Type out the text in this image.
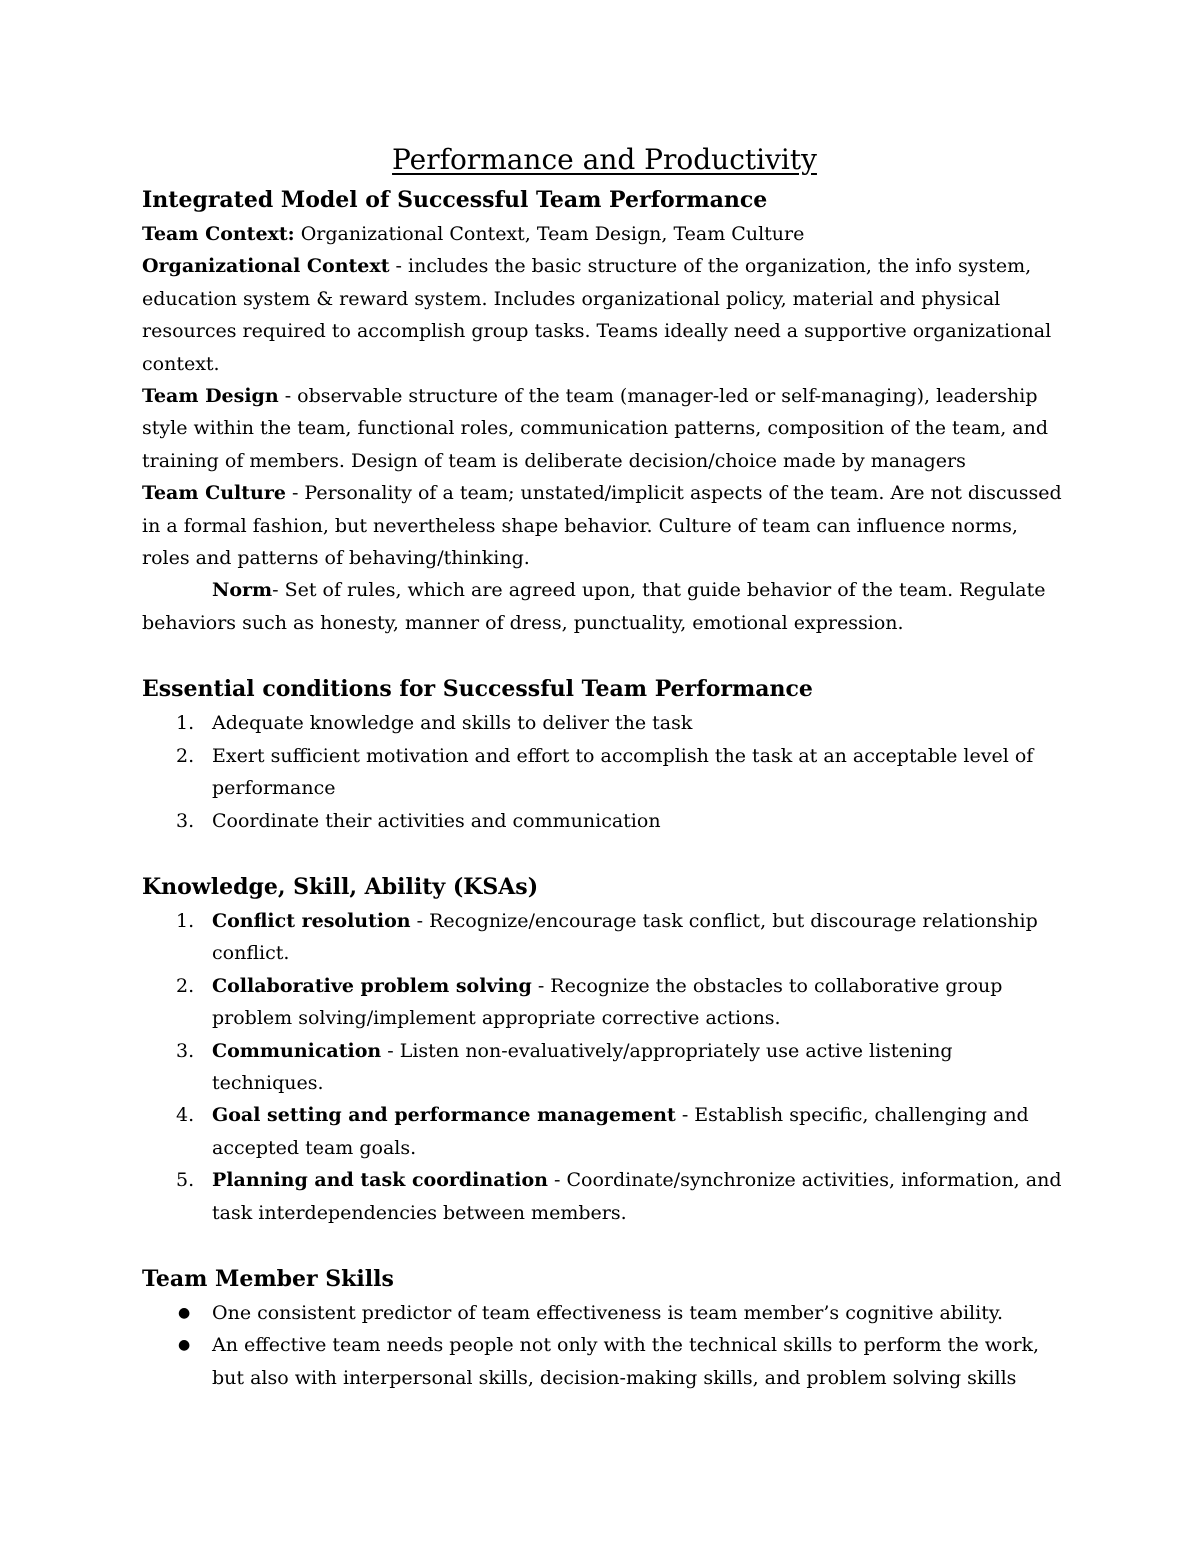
Performance and Productivity
Integrated Model of Successful Team Performance

Team Context: Organizational Context, Team Design, Team Culture

Organizational Context - includes the basic structure of the organization, the info system, education system & reward system. Includes organizational policy, material and physical resources required to accomplish group tasks. Teams ideally need a supportive organizational context.

Team Design - observable structure of the team (manager-led or self-managing), leadership style within the team, functional roles, communication patterns, composition of the team, and training of members. Design of team is deliberate decision/choice made by managers

Team Culture - Personality of a team; unstated/implicit aspects of the team. Are not discussed in a formal fashion, but nevertheless shape behavior. Culture of team can influence norms, roles and patterns of behaving/thinking.

Norm- Set of rules, which are agreed upon, that guide behavior of the team. Regulate behaviors such as honesty, manner of dress, punctuality, emotional expression.

Essential conditions for Successful Team Performance
1. Adequate knowledge and skills to deliver the task
2. Exert sufficient motivation and effort to accomplish the task at an acceptable level of performance
3. Coordinate their activities and communication
Knowledge, Skill, Ability (KSAs)
1. Conflict resolution - Recognize/encourage task conflict, but discourage relationship conflict.
2. Collaborative problem solving - Recognize the obstacles to collaborative group problem solving/implement appropriate corrective actions.
3. Communication - Listen non-evaluatively/appropriately use active listening techniques.
4. Goal setting and performance management - Establish specific, challenging and accepted team goals.
5. Planning and task coordination - Coordinate/synchronize activities, information, and task interdependencies between members.
Team Member Skills
● One consistent predictor of team effectiveness is team member’s cognitive ability.
● An effective team needs people not only with the technical skills to perform the work, but also with interpersonal skills, decision-making skills, and problem solving skills
